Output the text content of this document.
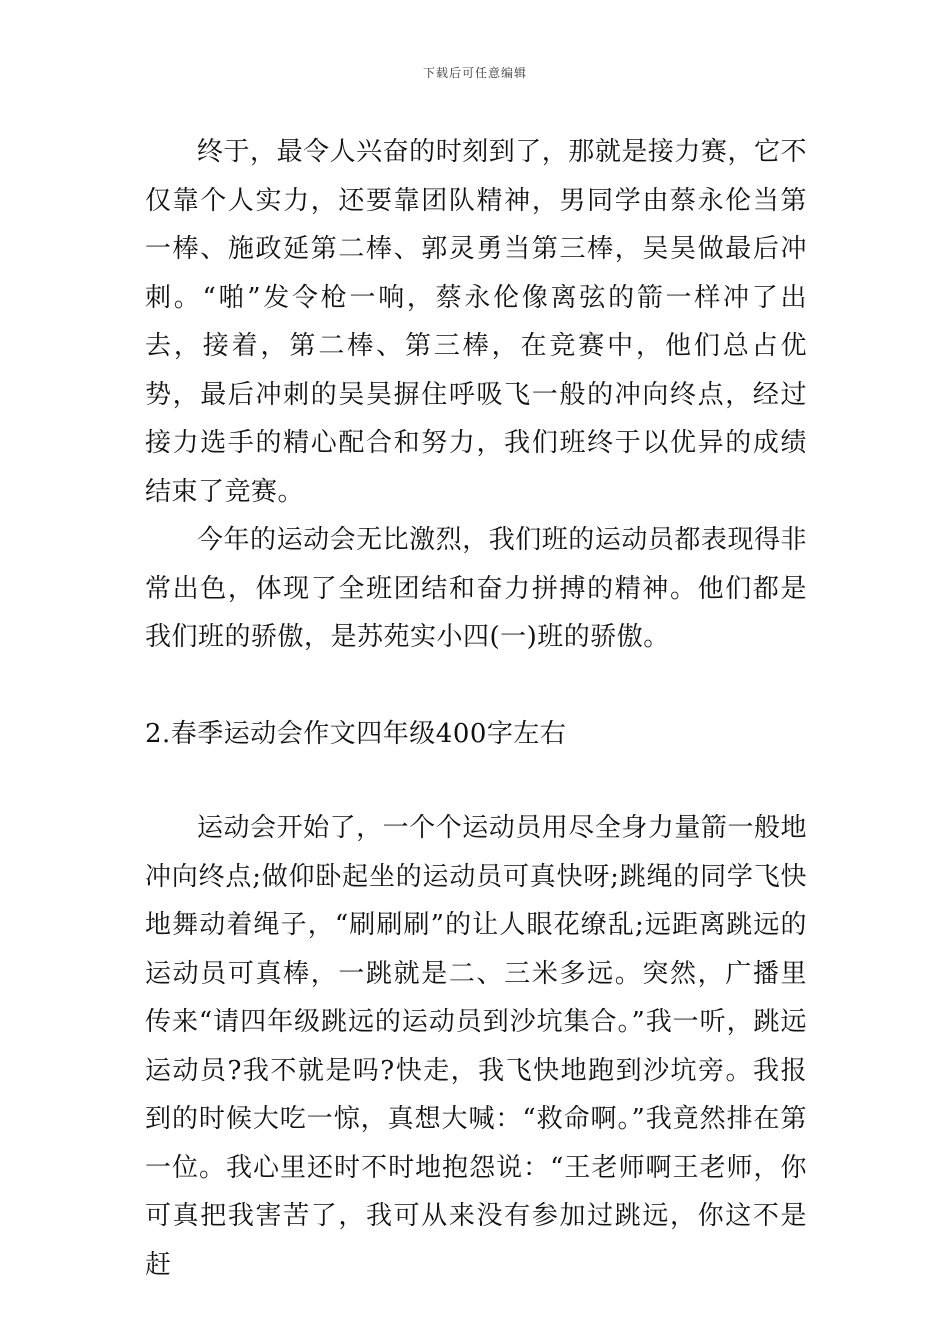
下载后可任意编辑

终于，最令人兴奋的时刻到了，那就是接力赛，它不仅靠个人实力，还要靠团队精神，男同学由蔡永伦当第一棒、施政延第二棒、郭灵勇当第三棒，吴昊做最后冲刺。“啪”发令枪一响，蔡永伦像离弦的箭一样冲了出去，接着，第二棒、第三棒，在竞赛中，他们总占优势，最后冲刺的吴昊摒住呼吸飞一般的冲向终点，经过接力选手的精心配合和努力，我们班终于以优异的成绩结束了竞赛。

今年的运动会无比激烈，我们班的运动员都表现得非常出色，体现了全班团结和奋力拼搏的精神。他们都是我们班的骄傲，是苏苑实小四(一)班的骄傲。

2.春季运动会作文四年级400字左右

运动会开始了，一个个运动员用尽全身力量箭一般地冲向终点;做仰卧起坐的运动员可真快呀;跳绳的同学飞快地舞动着绳子，“刷刷刷”的让人眼花缭乱;远距离跳远的运动员可真棒，一跳就是二、三米多远。突然，广播里传来“请四年级跳远的运动员到沙坑集合。”我一听，跳远运动员?我不就是吗?快走，我飞快地跑到沙坑旁。我报到的时候大吃一惊，真想大喊：“救命啊。”我竟然排在第一位。我心里还时不时地抱怨说：“王老师啊王老师，你可真把我害苦了，我可从来没有参加过跳远，你这不是赶
